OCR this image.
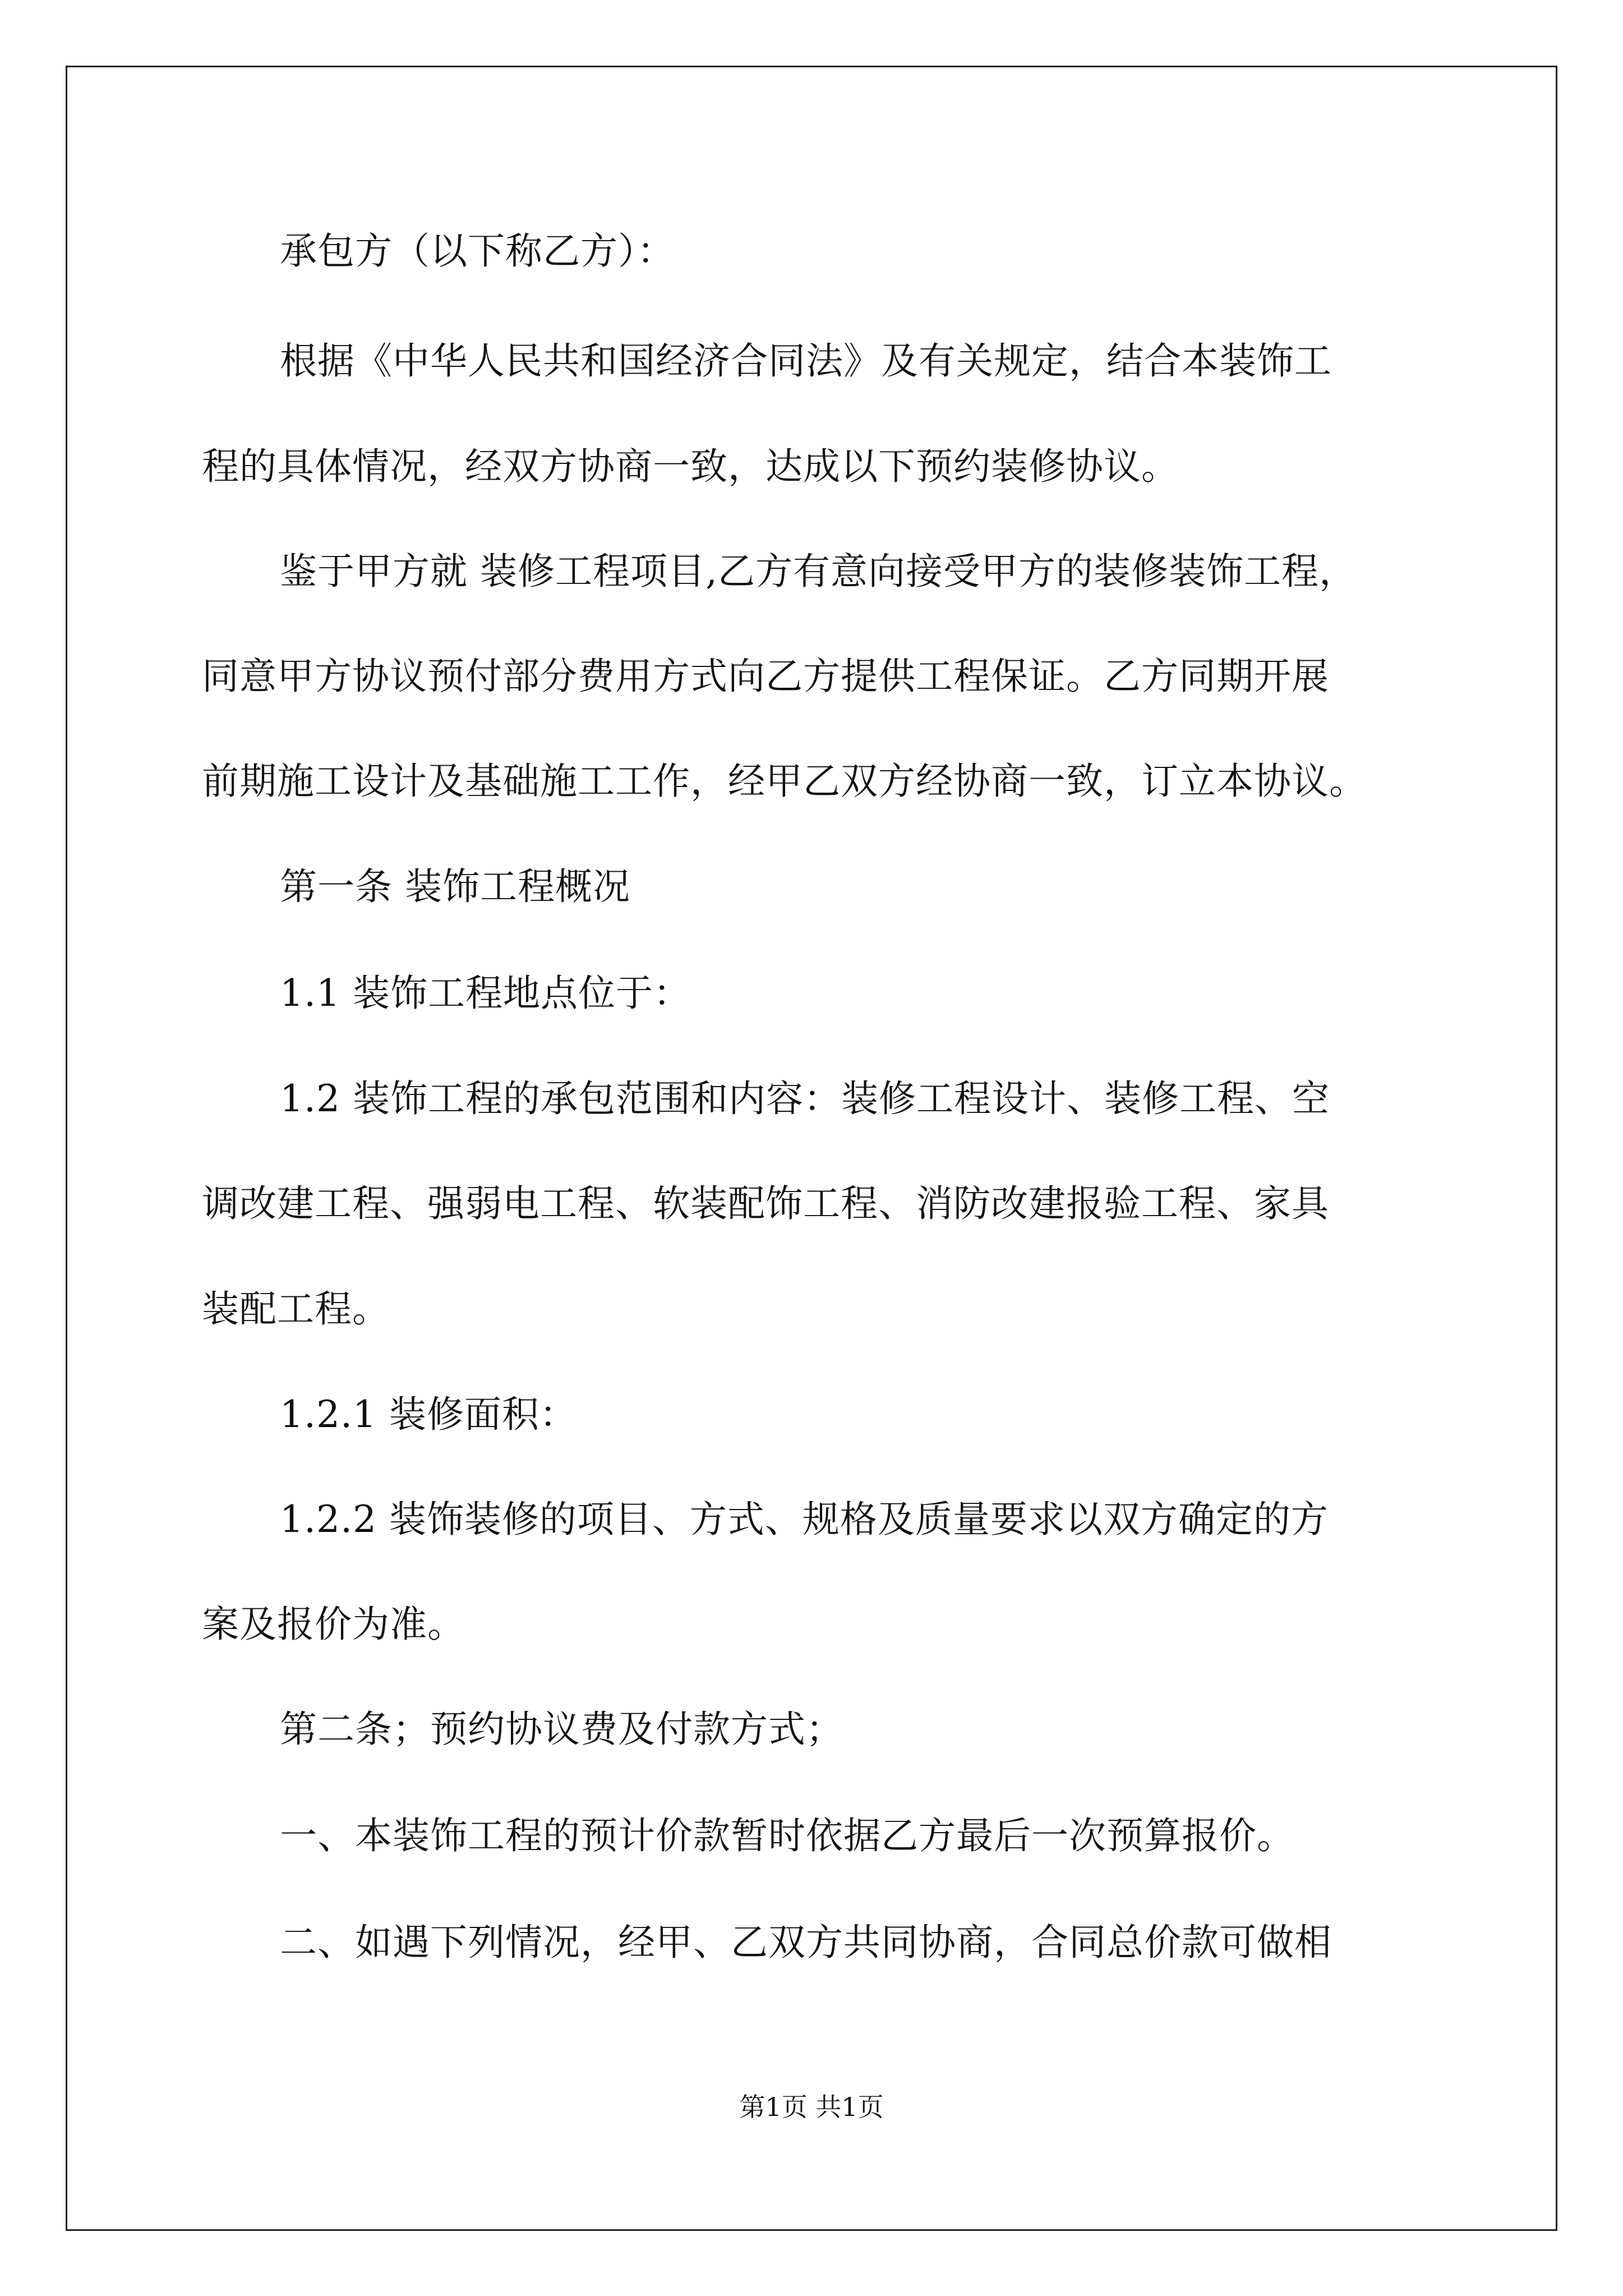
承包方（以下称乙方）：
根据《中华人民共和国经济合同法》及有关规定，结合本装饰工
程的具体情况，经双方协商一致，达成以下预约装修协议。
鉴于甲方就 装修工程项目,乙方有意向接受甲方的装修装饰工程，
同意甲方协议预付部分费用方式向乙方提供工程保证。乙方同期开展
前期施工设计及基础施工工作，经甲乙双方经协商一致，订立本协议。
第一条 装饰工程概况
1.1 装饰工程地点位于：
1.2 装饰工程的承包范围和内容：装修工程设计、装修工程、空
调改建工程、强弱电工程、软装配饰工程、消防改建报验工程、家具
装配工程。
1.2.1 装修面积：
1.2.2 装饰装修的项目、方式、规格及质量要求以双方确定的方
案及报价为准。
第二条；预约协议费及付款方式；
一、本装饰工程的预计价款暂时依据乙方最后一次预算报价。
二、如遇下列情况，经甲、乙双方共同协商，合同总价款可做相
第1页 共1页
